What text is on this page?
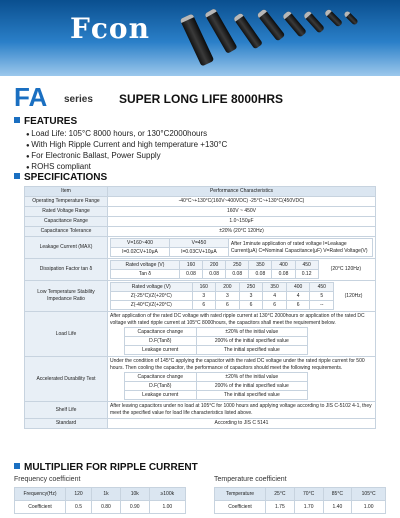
Fcon
FA series SUPER LONG LIFE 8000HRS
FEATURES
● Load Life: 105°C 8000 hours, or 130°C2000hours
● With High Ripple Current and high temperature +130°C
● For Electronic Ballast, Power Supply
● ROHS compliant
SPECIFICATIONS
Item	Performance Characteristics
Operating Temperature Range	-40°C~+130°C(160V~400VDC) -25°C~+130°C(450VDC)
Rated Voltage Range	160V ~ 450V
Capacitance Range	1.0~150μF
Capacitance Tolerance	±20% (20°C 120Hz)
Leakage Current (MAX)	
V=160~400	V=450	After 1minute application of rated voltage I=Leakage Current(μA) C=Nominal Capacitance(μF) V=Rated Voltage(V)
I=0.02CV+10μA	I=0.03CV+10μA

Dissipation Factor tan δ	
Rated voltage (V)	160	200	250	350	400	450	(20°C 120Hz)
Tan δ	0.08	0.08	0.08	0.08	0.08	0.12

Low Temperature Stability Impedance Ratio	
Rated voltage (V)	160	200	250	350	400	450	(120Hz)
Z(-25°C)/Z(+20°C)	3	3	3	4	4	5
Z(-40°C)/Z(+20°C)	6	6	6	6	6	--

Load Life	
After application of the rated DC voltage with rated ripple current at 130°C 2000hours or application of the rated DC voltage with rated ripple current at 105°C 8000hours, the capacitors shall meet the requirement below.
Capacitance change	±20% of the initial value
D.F(Tanδ)	200% of the initial specified value
Leakage current	The initial specified value

Accelerated Durability Test	
Under the condition of 145°C applying the capacitor with the rated DC voltage under the rated ripple current for 500 hours. Then cooling the capacitor, the performance of capacitors should meet the following requirements.
Capacitance change	±20% of the initial value
D.F(Tanδ)	200% of the initial specified value
Leakage current	The initial specified value

Shelf Life	After leaving capacitors under no load at 105°C for 1000 hours and applying voltage according to JIS C-5102 4-1, they meet the specified value for load life characteristics listed above.
Standard	According to JIS C 5141
MULTIPLIER FOR RIPPLE CURRENT
Frequency coefficient
Frequency(Hz)	120	1k	10k	≥100k
Coefficient	0.5	0.80	0.90	1.00
Temperature coefficient
Temperature	25°C	70°C	85°C	105°C
Coefficient	1.75	1.70	1.40	1.00
